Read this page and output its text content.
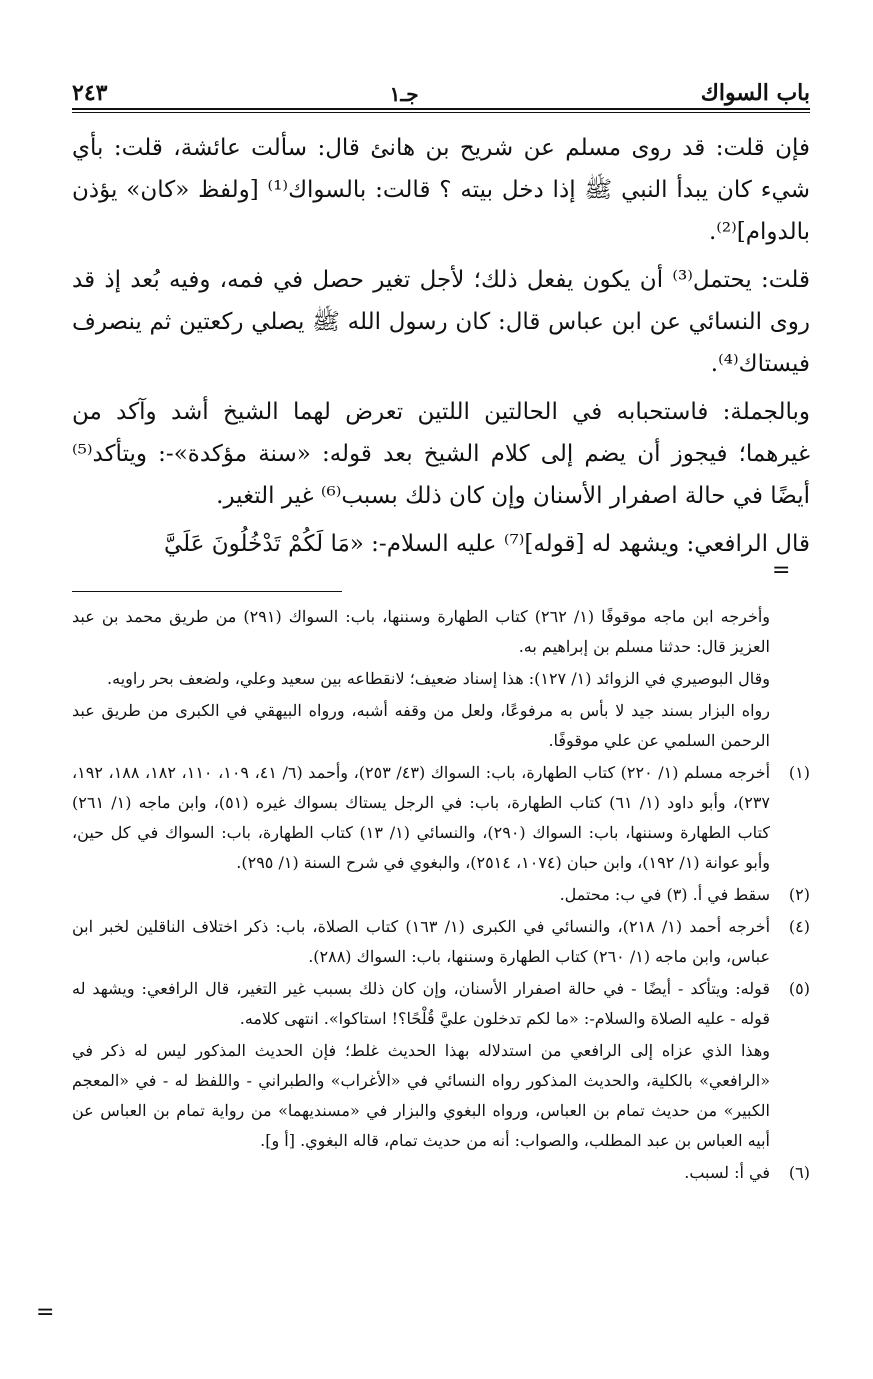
باب السواك
جـ١
٢٤٣

فإن قلت: قد روى مسلم عن شريح بن هانئ قال: سألت عائشة، قلت: بأي شيء كان يبدأ النبي ﷺ إذا دخل بيته ؟ قالت: بالسواك⁽¹⁾ [ولفظ «كان» يؤذن بالدوام]⁽²⁾.

قلت: يحتمل⁽³⁾ أن يكون يفعل ذلك؛ لأجل تغير حصل في فمه، وفيه بُعد إذ قد روى النسائي عن ابن عباس قال: كان رسول الله ﷺ يصلي ركعتين ثم ينصرف فيستاك⁽⁴⁾.

وبالجملة: فاستحبابه في الحالتين اللتين تعرض لهما الشيخ أشد وآكد من غيرهما؛ فيجوز أن يضم إلى كلام الشيخ بعد قوله: «سنة مؤكدة»-: ويتأكد⁽⁵⁾ أيضًا في حالة اصفرار الأسنان وإن كان ذلك بسبب⁽⁶⁾ غير التغير.

قال الرافعي: ويشهد له [قوله]⁽⁷⁾ عليه السلام-: «مَا لَكُمْ تَدْخُلُونَ عَلَيَّ

وأخرجه ابن ماجه موقوفًا (١/ ٢٦٢) كتاب الطهارة وسننها، باب: السواك (٢٩١) من طريق محمد بن عبد العزيز قال: حدثنا مسلم بن إبراهيم به.
وقال البوصيري في الزوائد (١/ ١٢٧): هذا إسناد ضعيف؛ لانقطاعه بين سعيد وعلي، ولضعف بحر راويه.
رواه البزار بسند جيد لا بأس به مرفوعًا، ولعل من وقفه أشبه، ورواه البيهقي في الكبرى من طريق عبد الرحمن السلمي عن علي موقوفًا.
(١)
أخرجه مسلم (١/ ٢٢٠) كتاب الطهارة، باب: السواك (٤٣/ ٢٥٣)، وأحمد (٦/ ٤١، ١٠٩، ١١٠، ١٨٢، ١٨٨، ١٩٢، ٢٣٧)، وأبو داود (١/ ٦١) كتاب الطهارة، باب: في الرجل يستاك بسواك غيره (٥١)، وابن ماجه (١/ ٢٦١) كتاب الطهارة وسننها، باب: السواك (٢٩٠)، والنسائي (١/ ١٣) كتاب الطهارة، باب: السواك في كل حين، وأبو عوانة (١/ ١٩٢)، وابن حبان (١٠٧٤، ٢٥١٤)، والبغوي في شرح السنة (١/ ٢٩٥).
(٢)
سقط في أ. (٣) في ب: محتمل.
(٤)
أخرجه أحمد (١/ ٢١٨)، والنسائي في الكبرى (١/ ١٦٣) كتاب الصلاة، باب: ذكر اختلاف الناقلين لخبر ابن عباس، وابن ماجه (١/ ٢٦٠) كتاب الطهارة وسننها، باب: السواك (٢٨٨).
(٥)
قوله: ويتأكد - أيضًا - في حالة اصفرار الأسنان، وإن كان ذلك بسبب غير التغير، قال الرافعي: ويشهد له قوله - عليه الصلاة والسلام-: «ما لكم تدخلون عليَّ قُلْحًا؟! استاكوا». انتهى كلامه.
وهذا الذي عزاه إلى الرافعي من استدلاله بهذا الحديث غلط؛ فإن الحديث المذكور ليس له ذكر في «الرافعي» بالكلية، والحديث المذكور رواه النسائي في «الأغراب» والطبراني - واللفظ له - في «المعجم الكبير» من حديث تمام بن العباس، ورواه البغوي والبزار في «مسنديهما» من رواية تمام بن العباس عن أبيه العباس بن عبد المطلب، والصواب: أنه من حديث تمام، قاله البغوي. [أ و].
(٦)
في أ: لسبب.
=
=
